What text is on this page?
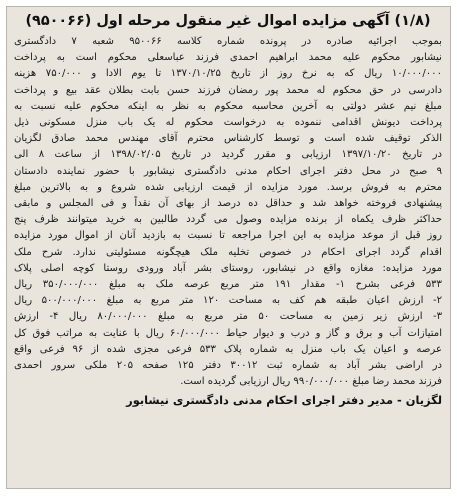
(۱/۸) آگهی مزایده اموال غیر منقول مرحله اول (۹۵۰۰۶۶)
بموجب اجرائیه صادره در پرونده شماره کلاسه ۹۵۰۰۶۶ شعبه ۷ دادگستری
نیشابور محکوم علیه محمد ابراهیم احمدی فرزند عباسعلی محکوم است به پرداخت
۱۰/۰۰۰/۰۰۰ ریال که به نرخ روز از تاریخ ۱۳۷۰/۱۰/۲۵ تا یوم الادا و ۷۵۰/۰۰۰ هزینه
دادرسی در حق محکوم له محمد پور رمضان فرزند حسن بابت بطلان عقد بیع و پرداخت
مبلغ نیم عشر دولتی به آخرین محاسبه محکوم به نظر به اینکه محکوم علیه نسبت به
پرداخت دیونش اقدامی ننموده به درخواست محکوم له یک باب منزل مسکونی ذیل
الذکر توقیف شده است و توسط کارشناس محترم آقای مهندس محمد صادق لگزیان
در تاریخ ۱۳۹۷/۱۰/۲۰ ارزیابی و مقرر گردید در تاریخ ۱۳۹۸/۰۲/۰۵ از ساعت ۸ الی
۹ صبح در محل دفتر اجرای احکام مدنی دادگستری نیشابور با حضور نماینده دادستان
محترم به فروش برسد. مورد مزایده از قیمت ارزیابی شده شروع و به بالاترین مبلغ
پیشنهادی فروخته خواهد شد و حداقل ده درصد از بهای آن نقداً و فی المجلس و مابقی
حداکثر ظرف یکماه از برنده مزایده وصول می گردد طالبین به خرید میتوانند ظرف پنج
روز قبل از موعد مزایده به این اجرا مراجعه تا نسبت به بازدید آنان از اموال مورد مزایده
اقدام گردد اجرای احکام در خصوص تخلیه ملک هیچگونه مسئولیتی ندارد. شرح ملک
مورد مزایده: مغازه واقع در نیشابور، روستای بشر آباد ورودی روستا کوچه اصلی پلاک
۵۳۳ فرعی بشرح ۱- مقدار ۱۹۱ متر مربع عرصه ملک به مبلغ ۳۵۰/۰۰۰/۰۰۰ ریال
۲- ارزش اعیان طبقه هم کف به مساحت ۱۲۰ متر مربع به مبلغ ۵۰۰/۰۰۰/۰۰۰ ریال
۳- ارزش زیر زمین به مساحت ۵۰ متر مربع به مبلغ ۸۰/۰۰۰/۰۰۰ ریال ۴- ارزش
امتیازات آب و برق و گاز و درب و دیوار حیاط ۶۰/۰۰۰/۰۰۰ ریال با عنایت به مراتب فوق کل
عرصه و اعیان یک باب منزل به شماره پلاک ۵۳۳ فرعی مجزی شده از ۹۶ فرعی واقع
در اراضی بشر آباد به شماره ثبت ۳۰۰۱۲ دفتر ۱۲۵ صفحه ۲۰۵ ملکی سرور احمدی
فرزند محمد رضا مبلغ ۹۹۰/۰۰۰/۰۰۰ ریال ارزیابی گردیده است.
لگزیان - مدیر دفتر اجرای احکام مدنی دادگستری نیشابور
